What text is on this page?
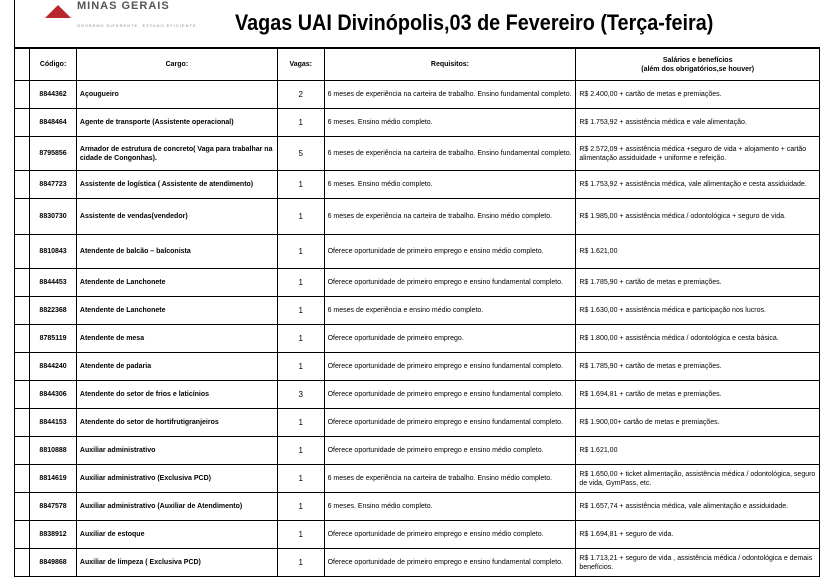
MINAS GERAIS
GOVERNO DIFERENTE. ESTADO EFICIENTE. Vagas UAI Divinópolis,03 de Fevereiro (Terça-feira)
	Código:	Cargo:	Vagas:	Requisitos:	Salários e benefícios
(além dos obrigatórios,se houver)

	8844362	Açougueiro	2	6 meses de experiência na carteira de trabalho. Ensino fundamental completo.	R$ 2.400,00 + cartão de metas e premiações.
	8848464	Agente de transporte (Assistente operacional)	1	6 meses. Ensino médio completo.	R$ 1.753,92 + assistência médica e vale alimentação.
	8795856	Armador de estrutura de concreto( Vaga para trabalhar na cidade de Congonhas).	5	6 meses de experiência na carteira de trabalho. Ensino fundamental completo.	R$ 2.572,09 + assistência médica +seguro de vida + alojamento + cartão alimentação assiduidade + uniforme e refeição.
	8847723	Assistente de logística ( Assistente de atendimento)	1	6 meses. Ensino médio completo.	R$ 1.753,92 + assistência médica, vale alimentação e cesta assiduidade.
	8830730	Assistente de vendas(vendedor)	1	6 meses de experiência na carteira de trabalho. Ensino médio completo.	R$ 1.985,00 + assistência médica / odontológica + seguro de vida.
	8810843	Atendente de balcão – balconista	1	Oferece oportunidade de primeiro emprego e ensino médio completo.	R$ 1.621,00
	8844453	Atendente de Lanchonete	1	Oferece oportunidade de primeiro emprego e ensino fundamental completo.	R$ 1.785,90 + cartão de metas e premiações.
	8822368	Atendente de Lanchonete	1	6 meses de experiência e ensino médio completo.	R$ 1.630,00 + assistência médica e participação nos lucros.
	8785119	Atendente de mesa	1	Oferece oportunidade de primeiro emprego.	R$ 1.800,00 + assistência médica / odontológica e cesta básica.
	8844240	Atendente de padaria	1	Oferece oportunidade de primeiro emprego e ensino fundamental completo.	R$ 1.785,90 + cartão de metas e premiações.
	8844306	Atendente do setor de frios e laticínios	3	Oferece oportunidade de primeiro emprego e ensino fundamental completo.	R$ 1.694,81 + cartão de metas e premiações.
	8844153	Atendente do setor de hortifrutigranjeiros	1	Oferece oportunidade de primeiro emprego e ensino fundamental completo.	R$ 1.900,00+ cartão de metas e premiações.
	8810888	Auxiliar administrativo	1	Oferece oportunidade de primeiro emprego e ensino médio completo.	R$ 1.621,00
	8814619	Auxiliar administrativo (Exclusiva PCD)	1	6 meses de experiência na carteira de trabalho. Ensino médio completo.	R$ 1.650,00 + ticket alimentação, assistência médica / odontológica, seguro de vida, GymPass, etc.
	8847578	Auxiliar administrativo (Auxiliar de Atendimento)	1	6 meses. Ensino médio completo.	R$ 1.657,74 + assistência médica, vale alimentação e assiduidade.
	8838912	Auxiliar de estoque	1	Oferece oportunidade de primeiro emprego e ensino médio completo.	R$ 1.694,81 + seguro de vida.
	8849868	Auxiliar de limpeza ( Exclusiva PCD)	1	Oferece oportunidade de primeiro emprego e ensino fundamental completo.	R$ 1.713,21 + seguro de vida , assistência médica / odontológica e demais benefícios.
